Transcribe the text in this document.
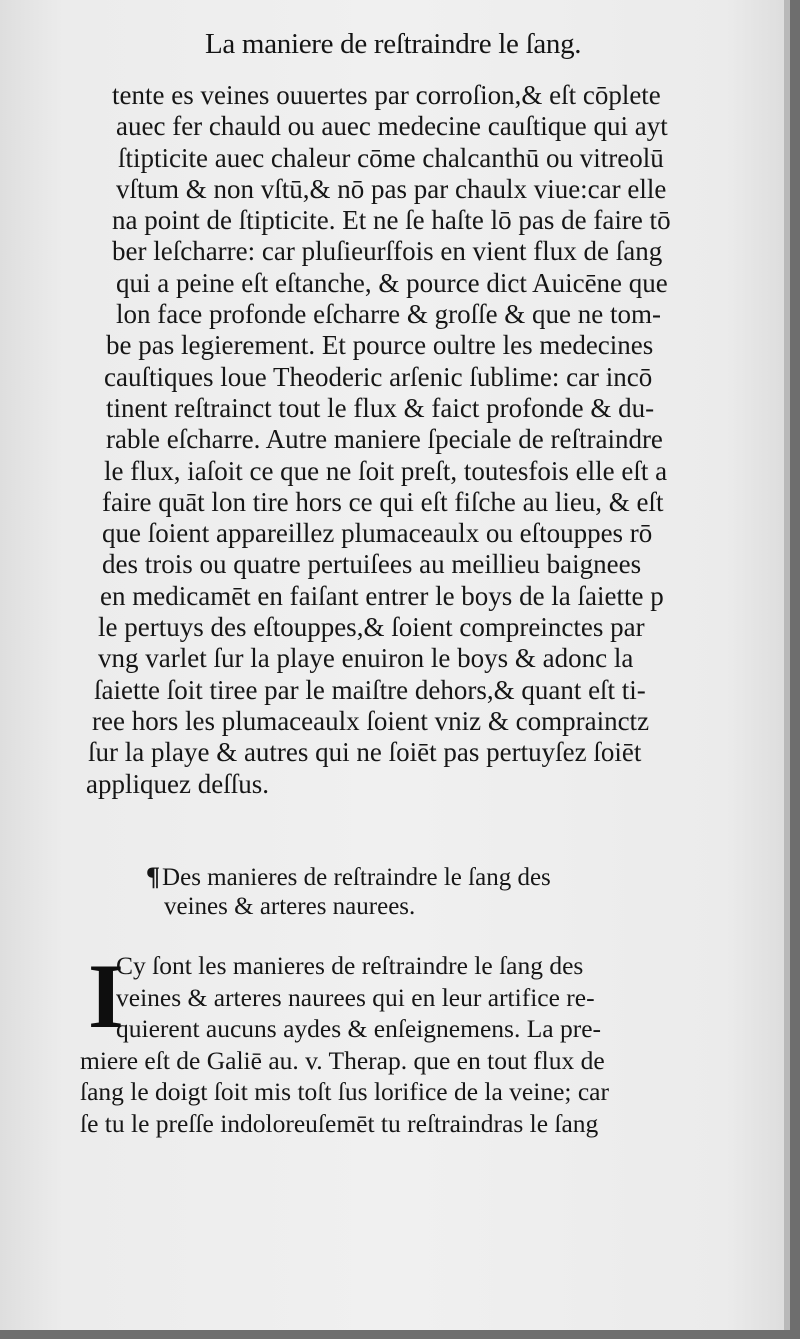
La maniere de reſtraindre le ſang.
tente es veines ouuertes par corroſion,& eſt cōplete
auec fer chauld ou auec medecine cauſtique qui ayt
ſtipticite auec chaleur cōme chalcanthū ou vitreolū
vſtum & non vſtū,& nō pas par chaulx viue:car elle
na point de ſtipticite. Et ne ſe haſte lō pas de faire tō
ber leſcharre: car pluſieurſfois en vient flux de ſang
qui a peine eſt eſtanche, & pource dict Auicēne que
lon face profonde eſcharre & groſſe & que ne tom-
be pas legierement. Et pource oultre les medecines
cauſtiques loue Theoderic arſenic ſublime: car incō
tinent reſtrainct tout le flux & faict profonde & du-
rable eſcharre. Autre maniere ſpeciale de reſtraindre
le flux, iaſoit ce que ne ſoit preſt, toutesfois elle eſt a
faire quāt lon tire hors ce qui eſt fiſche au lieu, & eſt
que ſoient appareillez plumaceaulx ou eſtouppes rō
des trois ou quatre pertuiſees au meillieu baignees
en medicamēt en faiſant entrer le boys de la ſaiette p
le pertuys des eſtouppes,& ſoient compreinctes par
vng varlet ſur la playe enuiron le boys & adonc la
ſaiette ſoit tiree par le maiſtre dehors,& quant eſt ti-
ree hors les plumaceaulx ſoient vniz & comprainctz
ſur la playe & autres qui ne ſoiēt pas pertuyſez ſoiēt
appliquez deſſus.
¶Des manieres de reſtraindre le ſang des
veines & arteres naurees.
I
Cy ſont les manieres de reſtraindre le ſang des
veines & arteres naurees qui en leur artifice re-
quierent aucuns aydes & enſeignemens. La pre-
miere eſt de Galiē au. v. Therap. que en tout flux de
ſang le doigt ſoit mis toſt ſus lorifice de la veine; car
ſe tu le preſſe indoloreuſemēt tu reſtraindras le ſang
